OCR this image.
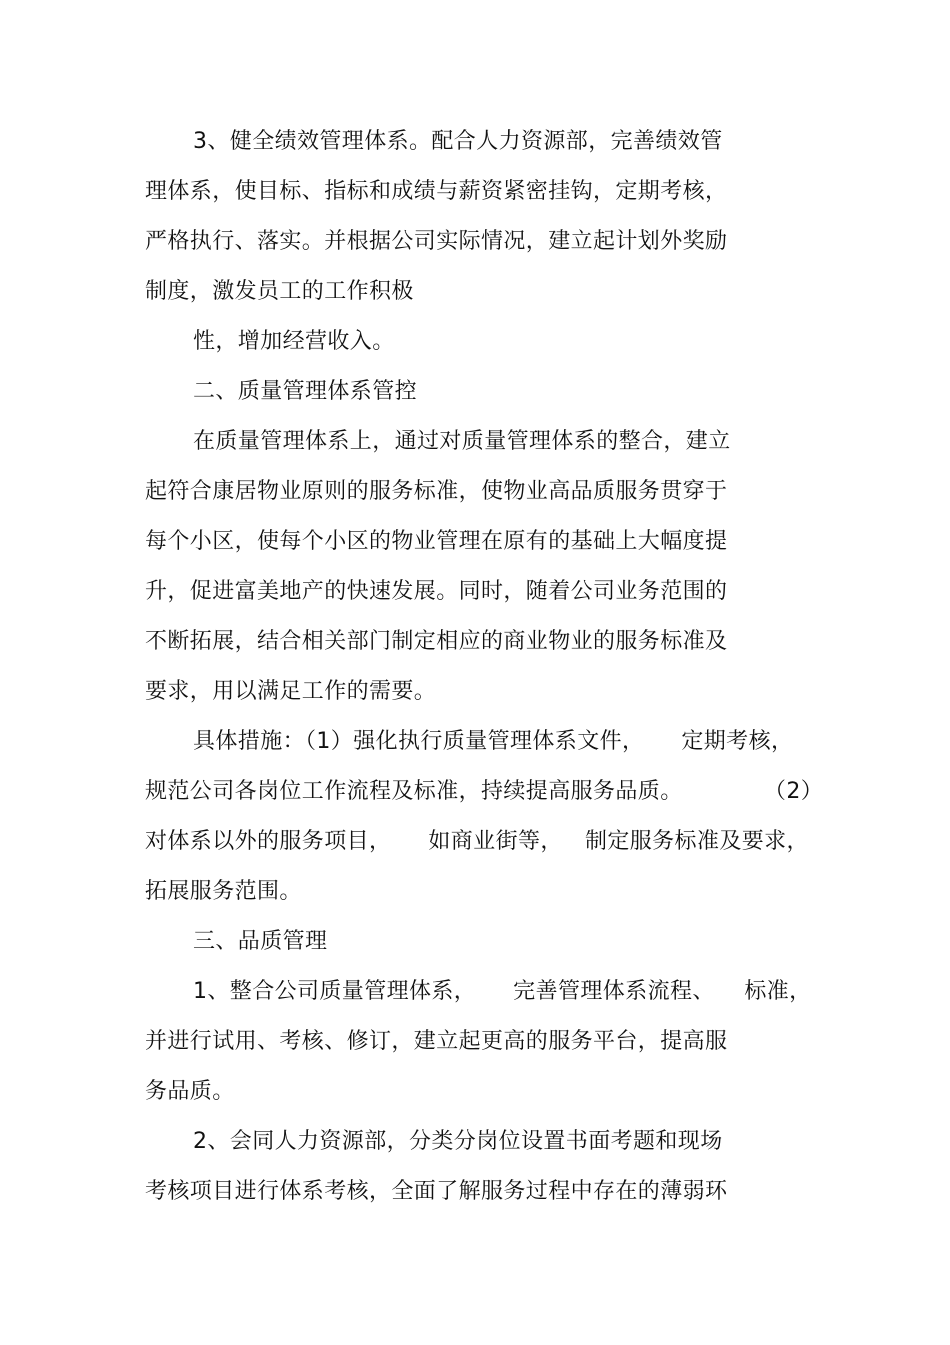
3、健全绩效管理体系。配合人力资源部，完善绩效管
理体系，使目标、指标和成绩与薪资紧密挂钩，定期考核，
严格执行、落实。并根据公司实际情况，建立起计划外奖励
制度，激发员工的工作积极
性，增加经营收入。
二、质量管理体系管控
在质量管理体系上，通过对质量管理体系的整合，建立
起符合康居物业原则的服务标准，使物业高品质服务贯穿于
每个小区，使每个小区的物业管理在原有的基础上大幅度提
升，促进富美地产的快速发展。同时，随着公司业务范围的
不断拓展，结合相关部门制定相应的商业物业的服务标准及
要求，用以满足工作的需要。
具体措施：（1）强化执行质量管理体系文件，     定期考核，
规范公司各岗位工作流程及标准，持续提高服务品质。           （2）
对体系以外的服务项目，     如商业街等，   制定服务标准及要求，
拓展服务范围。
三、品质管理
1、整合公司质量管理体系，     完善管理体系流程、    标准，
并进行试用、考核、修订，建立起更高的服务平台，提高服
务品质。
2、会同人力资源部，分类分岗位设置书面考题和现场
考核项目进行体系考核，全面了解服务过程中存在的薄弱环
